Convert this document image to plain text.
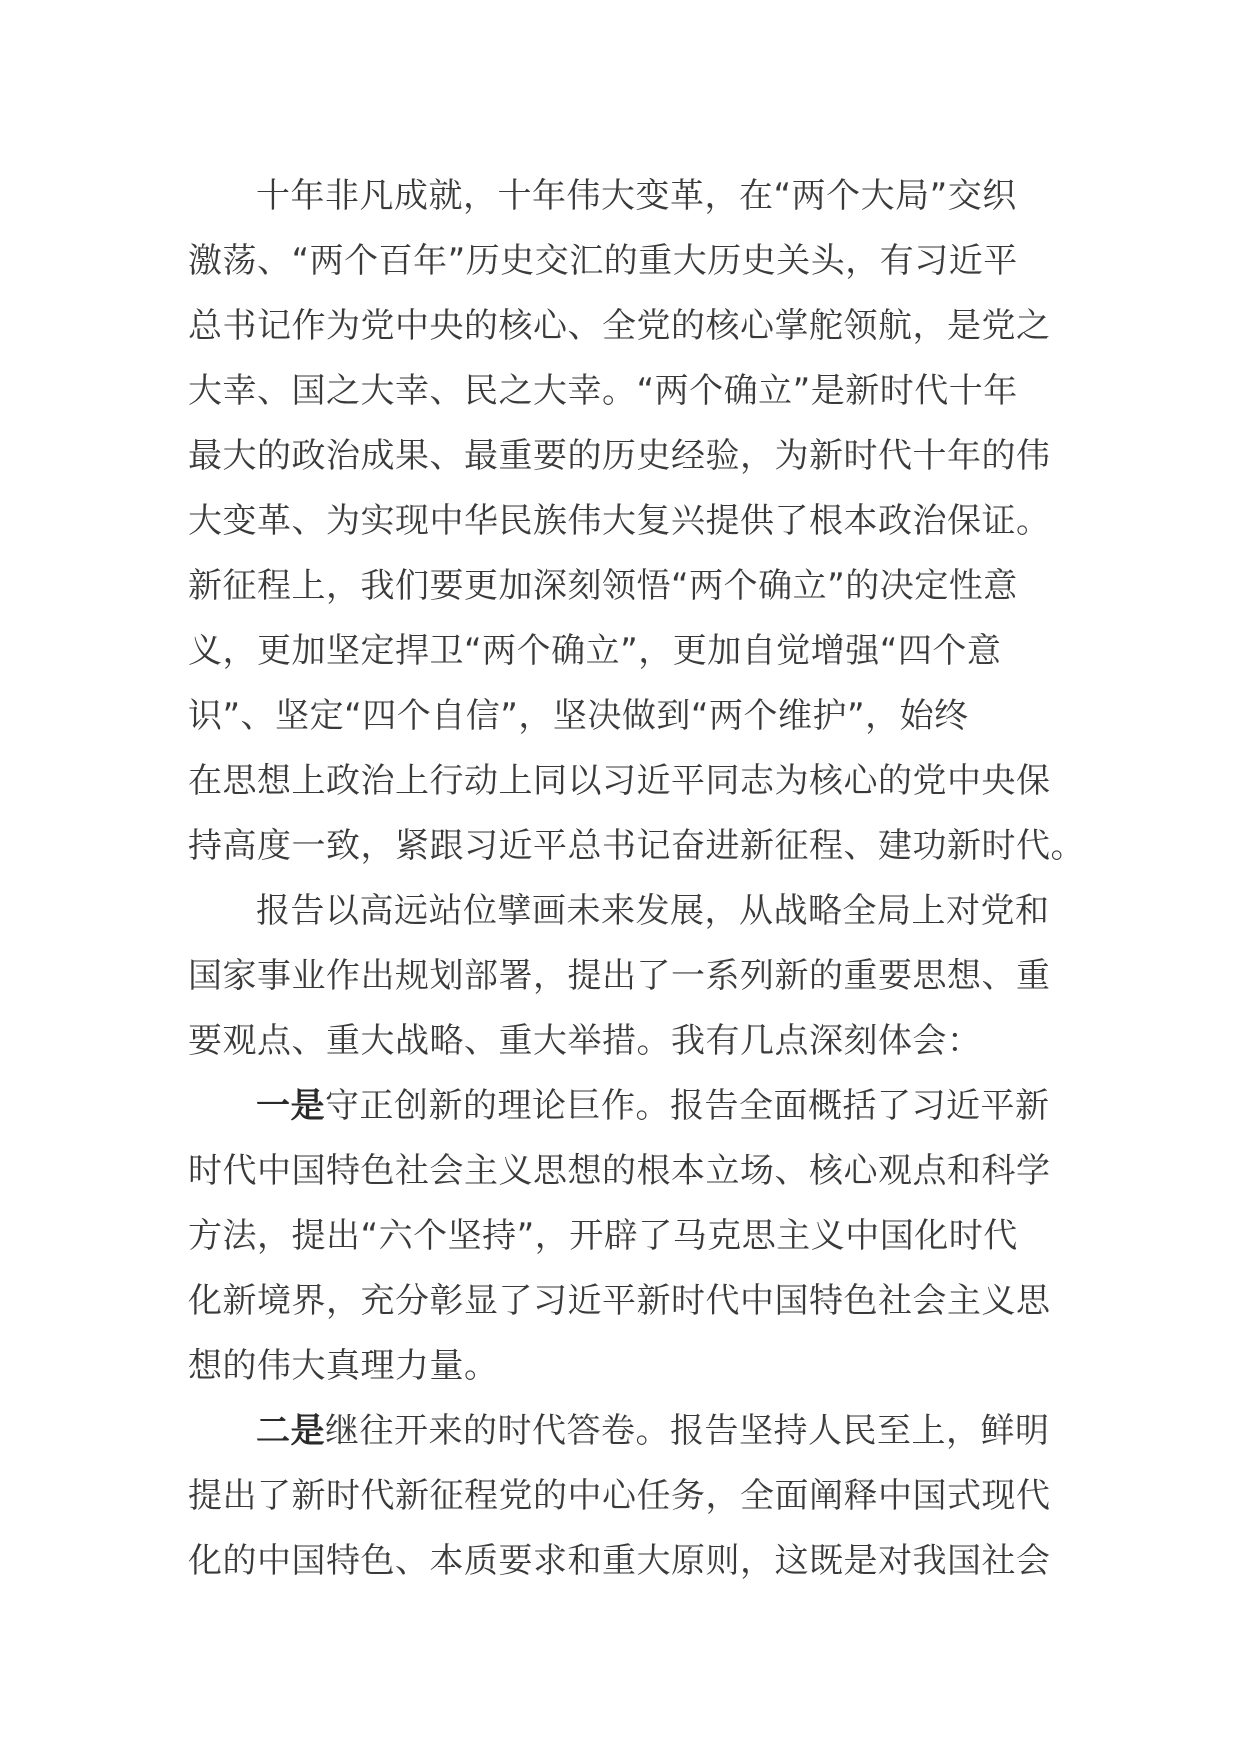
十年非凡成就，十年伟大变革，在“两个大局”交织
激荡、“两个百年”历史交汇的重大历史关头，有习近平
总书记作为党中央的核心、全党的核心掌舵领航，是党之
大幸、国之大幸、民之大幸。“两个确立”是新时代十年
最大的政治成果、最重要的历史经验，为新时代十年的伟
大变革、为实现中华民族伟大复兴提供了根本政治保证。
新征程上，我们要更加深刻领悟“两个确立”的决定性意
义，更加坚定捍卫“两个确立”，更加自觉增强“四个意
识”、坚定“四个自信”，坚决做到“两个维护”，始终
在思想上政治上行动上同以习近平同志为核心的党中央保
持高度一致，紧跟习近平总书记奋进新征程、建功新时代。
报告以高远站位擘画未来发展，从战略全局上对党和
国家事业作出规划部署，提出了一系列新的重要思想、重
要观点、重大战略、重大举措。我有几点深刻体会：
一是守正创新的理论巨作。报告全面概括了习近平新
时代中国特色社会主义思想的根本立场、核心观点和科学
方法，提出“六个坚持”，开辟了马克思主义中国化时代
化新境界，充分彰显了习近平新时代中国特色社会主义思
想的伟大真理力量。
二是继往开来的时代答卷。报告坚持人民至上，鲜明
提出了新时代新征程党的中心任务，全面阐释中国式现代
化的中国特色、本质要求和重大原则，这既是对我国社会
